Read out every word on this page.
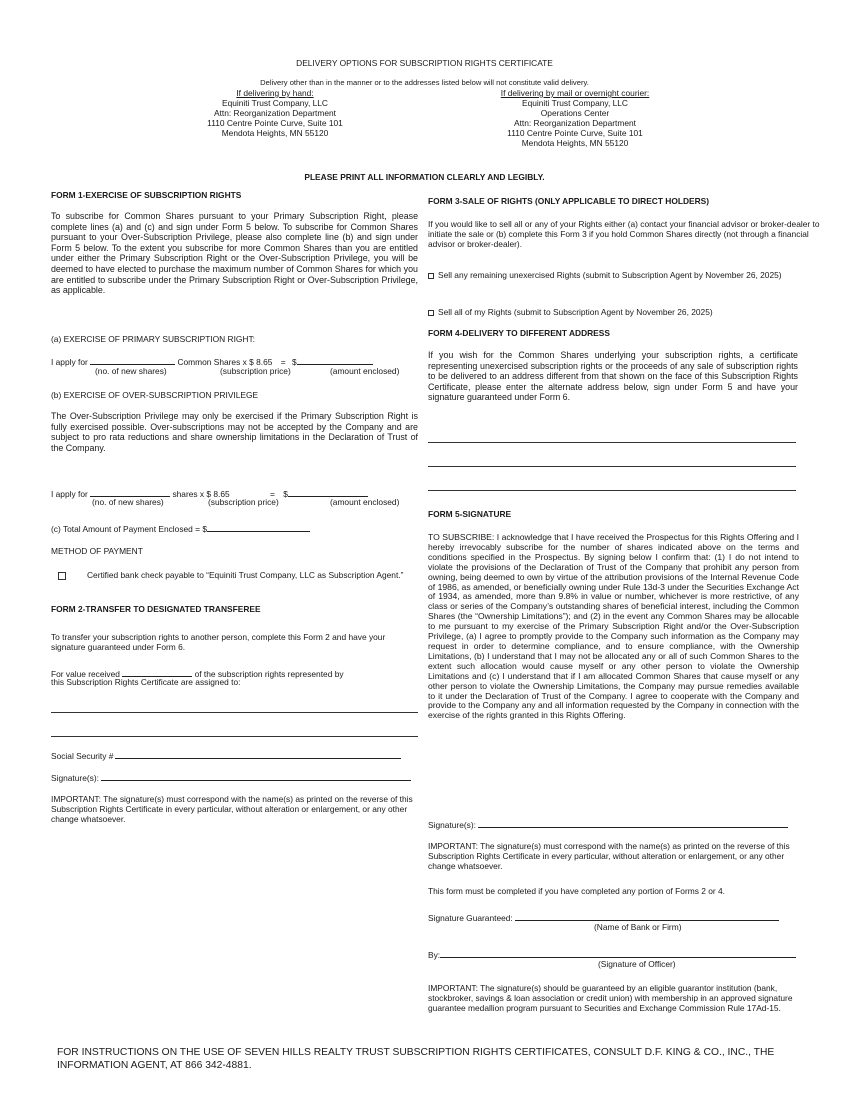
DELIVERY OPTIONS FOR SUBSCRIPTION RIGHTS CERTIFICATE
Delivery other than in the manner or to the addresses listed below will not constitute valid delivery.
If delivering by hand:
Equiniti Trust Company, LLC
Attn: Reorganization Department
1110 Centre Pointe Curve, Suite 101
Mendota Heights, MN 55120
If delivering by mail or overnight courier:
Equiniti Trust Company, LLC
Operations Center
Attn: Reorganization Department
1110 Centre Pointe Curve, Suite 101
Mendota Heights, MN 55120
PLEASE PRINT ALL INFORMATION CLEARLY AND LEGIBLY.
FORM 1-EXERCISE OF SUBSCRIPTION RIGHTS
To subscribe for Common Shares pursuant to your Primary Subscription Right, please complete lines (a) and (c) and sign under Form 5 below. To subscribe for Common Shares pursuant to your Over-Subscription Privilege, please also complete line (b) and sign under Form 5 below. To the extent you subscribe for more Common Shares than you are entitled under either the Primary Subscription Right or the Over-Subscription Privilege, you will be deemed to have elected to purchase the maximum number of Common Shares for which you are entitled to subscribe under the Primary Subscription Right or Over-Subscription Privilege, as applicable.
(a) EXERCISE OF PRIMARY SUBSCRIPTION RIGHT:
I apply for	Common Shares x $ 8.65 = $
(no. of new shares)	(subscription price)	(amount enclosed)
(b) EXERCISE OF OVER-SUBSCRIPTION PRIVILEGE
The Over-Subscription Privilege may only be exercised if the Primary Subscription Right is fully exercised possible. Over-subscriptions may not be accepted by the Company and are subject to pro rata reductions and share ownership limitations in the Declaration of Trust of the Company.
I apply for	shares x $ 8.65	= $
(no. of new shares)	(subscription price)	(amount enclosed)
(c) Total Amount of Payment Enclosed = $
METHOD OF PAYMENT
Certified bank check payable to “Equiniti Trust Company, LLC as Subscription Agent.”
FORM 2-TRANSFER TO DESIGNATED TRANSFEREE
To transfer your subscription rights to another person, complete this Form 2 and have your signature guaranteed under Form 6.
For value received	of the subscription rights represented by
this Subscription Rights Certificate are assigned to:
Social Security #
Signature(s):
IMPORTANT: The signature(s) must correspond with the name(s) as printed on the reverse of this Subscription Rights Certificate in every particular, without alteration or enlargement, or any other change whatsoever.
FORM 3-SALE OF RIGHTS (ONLY APPLICABLE TO DIRECT HOLDERS)
If you would like to sell all or any of your Rights either (a) contact your financial advisor or broker-dealer to initiate the sale or (b) complete this Form 3 if you hold Common Shares directly (not through a financial advisor or broker-dealer).
Sell any remaining unexercised Rights (submit to Subscription Agent by November 26, 2025)
Sell all of my Rights (submit to Subscription Agent by November 26, 2025)
FORM 4-DELIVERY TO DIFFERENT ADDRESS
If you wish for the Common Shares underlying your subscription rights, a certificate representing unexercised subscription rights or the proceeds of any sale of subscription rights to be delivered to an address different from that shown on the face of this Subscription Rights Certificate, please enter the alternate address below, sign under Form 5 and have your signature guaranteed under Form 6.
FORM 5-SIGNATURE
TO SUBSCRIBE: I acknowledge that I have received the Prospectus for this Rights Offering and I hereby irrevocably subscribe for the number of shares indicated above on the terms and conditions specified in the Prospectus. By signing below I confirm that: (1) I do not intend to violate the provisions of the Declaration of Trust of the Company that prohibit any person from owning, being deemed to own by virtue of the attribution provisions of the Internal Revenue Code of 1986, as amended, or beneficially owning under Rule 13d-3 under the Securities Exchange Act of 1934, as amended, more than 9.8% in value or number, whichever is more restrictive, of any class or series of the Company’s outstanding shares of beneficial interest, including the Common Shares (the “Ownership Limitations”); and (2) in the event any Common Shares may be allocable to me pursuant to my exercise of the Primary Subscription Right and/or the Over-Subscription Privilege, (a) I agree to promptly provide to the Company such information as the Company may request in order to determine compliance, and to ensure compliance, with the Ownership Limitations, (b) I understand that I may not be allocated any or all of such Common Shares to the extent such allocation would cause myself or any other person to violate the Ownership Limitations and (c) I understand that if I am allocated Common Shares that cause myself or any other person to violate the Ownership Limitations, the Company may pursue remedies available to it under the Declaration of Trust of the Company. I agree to cooperate with the Company and provide to the Company any and all information requested by the Company in connection with the exercise of the rights granted in this Rights Offering.
Signature(s):
IMPORTANT: The signature(s) must correspond with the name(s) as printed on the reverse of this Subscription Rights Certificate in every particular, without alteration or enlargement, or any other change whatsoever.
This form must be completed if you have completed any portion of Forms 2 or 4.
Signature Guaranteed:
(Name of Bank or Firm)
By:
(Signature of Officer)
IMPORTANT: The signature(s) should be guaranteed by an eligible guarantor institution (bank, stockbroker, savings & loan association or credit union) with membership in an approved signature guarantee medallion program pursuant to Securities and Exchange Commission Rule 17Ad-15.
FOR INSTRUCTIONS ON THE USE OF SEVEN HILLS REALTY TRUST SUBSCRIPTION RIGHTS CERTIFICATES, CONSULT D.F. KING & CO., INC., THE INFORMATION AGENT, AT 866 342-4881.
